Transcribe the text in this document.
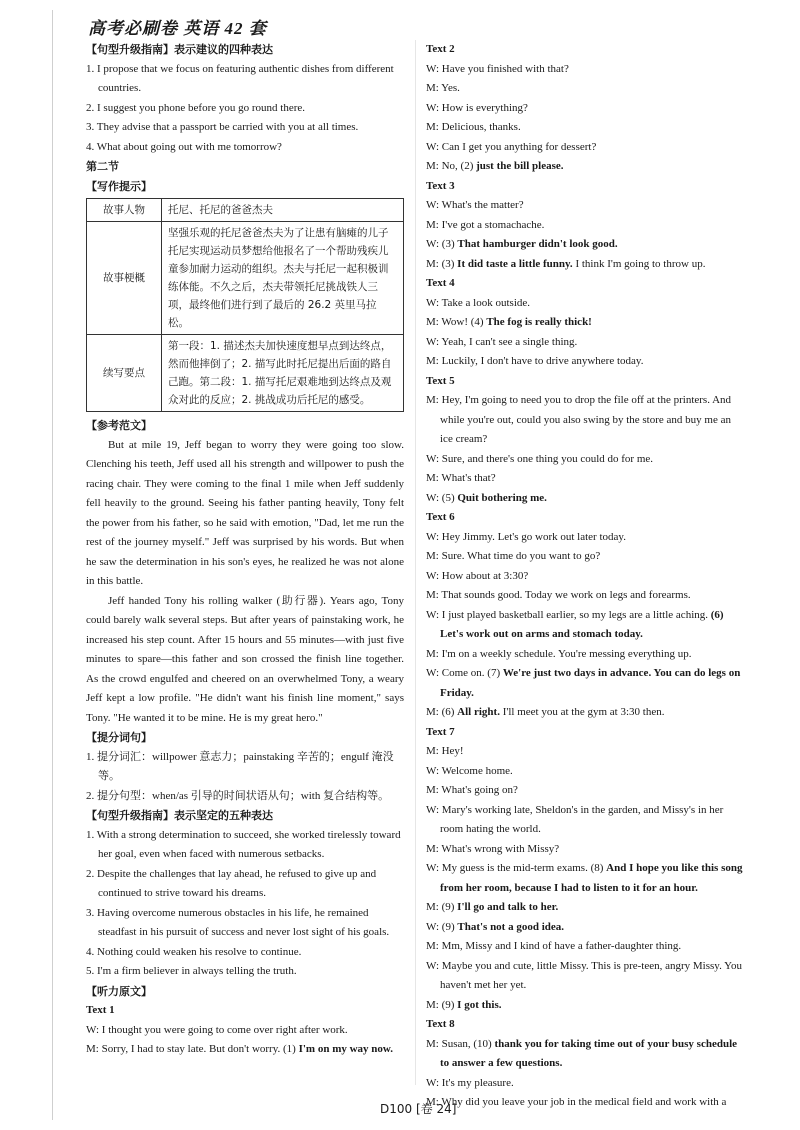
高考必刷卷 英语 42 套
【句型升级指南】表示建议的四种表达
1. I propose that we focus on featuring authentic dishes from different countries.
2. I suggest you phone before you go round there.
3. They advise that a passport be carried with you at all times.
4. What about going out with me tomorrow?
第二节
【写作提示】
故事人物	托尼、托尼的爸爸杰夫
故事梗概	坚强乐观的托尼爸爸杰夫为了让患有脑瘫的儿子托尼实现运动员梦想给他报名了一个帮助残疾儿童参加耐力运动的组织。杰夫与托尼一起积极训练体能。不久之后，杰夫带领托尼挑战铁人三项，最终他们进行到了最后的 26.2 英里马拉松。
续写要点	第一段：1. 描述杰夫加快速度想早点到达终点，然而他摔倒了；2. 描写此时托尼提出后面的路自己跑。第二段：1. 描写托尼艰难地到达终点及观众对此的反应；2. 挑战成功后托尼的感受。
【参考范文】
But at mile 19, Jeff began to worry they were going too slow. Clenching his teeth, Jeff used all his strength and willpower to push the racing chair. They were coming to the final 1 mile when Jeff suddenly fell heavily to the ground. Seeing his father panting heavily, Tony felt the power from his father, so he said with emotion, "Dad, let me run the rest of the journey myself." Jeff was surprised by his words. But when he saw the determination in his son's eyes, he realized he was not alone in this battle.
Jeff handed Tony his rolling walker (助行器). Years ago, Tony could barely walk several steps. But after years of painstaking work, he increased his step count. After 15 hours and 55 minutes—with just five minutes to spare—this father and son crossed the finish line together. As the crowd engulfed and cheered on an overwhelmed Tony, a weary Jeff kept a low profile. "He didn't want his finish line moment," says Tony. "He wanted it to be mine. He is my great hero."
【提分词句】
1. 提分词汇：willpower 意志力；painstaking 辛苦的；engulf 淹没等。
2. 提分句型：when/as 引导的时间状语从句；with 复合结构等。
【句型升级指南】表示坚定的五种表达
1. With a strong determination to succeed, she worked tirelessly toward her goal, even when faced with numerous setbacks.
2. Despite the challenges that lay ahead, he refused to give up and continued to strive toward his dreams.
3. Having overcome numerous obstacles in his life, he remained steadfast in his pursuit of success and never lost sight of his goals.
4. Nothing could weaken his resolve to continue.
5. I'm a firm believer in always telling the truth.
【听力原文】
Text 1
W: I thought you were going to come over right after work.
M: Sorry, I had to stay late. But don't worry. (1) I'm on my way now.
Text 2
W: Have you finished with that?
M: Yes.
W: How is everything?
M: Delicious, thanks.
W: Can I get you anything for dessert?
M: No, (2) just the bill please.
Text 3
W: What's the matter?
M: I've got a stomachache.
W: (3) That hamburger didn't look good.
M: (3) It did taste a little funny. I think I'm going to throw up.
Text 4
W: Take a look outside.
M: Wow! (4) The fog is really thick!
W: Yeah, I can't see a single thing.
M: Luckily, I don't have to drive anywhere today.
Text 5
M: Hey, I'm going to need you to drop the file off at the printers. And while you're out, could you also swing by the store and buy me an ice cream?
W: Sure, and there's one thing you could do for me.
M: What's that?
W: (5) Quit bothering me.
Text 6
W: Hey Jimmy. Let's go work out later today.
M: Sure. What time do you want to go?
W: How about at 3:30?
M: That sounds good. Today we work on legs and forearms.
W: I just played basketball earlier, so my legs are a little aching. (6) Let's work out on arms and stomach today.
M: I'm on a weekly schedule. You're messing everything up.
W: Come on. (7) We're just two days in advance. You can do legs on Friday.
M: (6) All right. I'll meet you at the gym at 3:30 then.
Text 7
M: Hey!
W: Welcome home.
M: What's going on?
W: Mary's working late, Sheldon's in the garden, and Missy's in her room hating the world.
M: What's wrong with Missy?
W: My guess is the mid-term exams. (8) And I hope you like this song from her room, because I had to listen to it for an hour.
M: (9) I'll go and talk to her.
W: (9) That's not a good idea.
M: Mm, Missy and I kind of have a father-daughter thing.
W: Maybe you and cute, little Missy. This is pre-teen, angry Missy. You haven't met her yet.
M: (9) I got this.
Text 8
M: Susan, (10) thank you for taking time out of your busy schedule to answer a few questions.
W: It's my pleasure.
M: Why did you leave your job in the medical field and work with a
D100 [卷 24]
